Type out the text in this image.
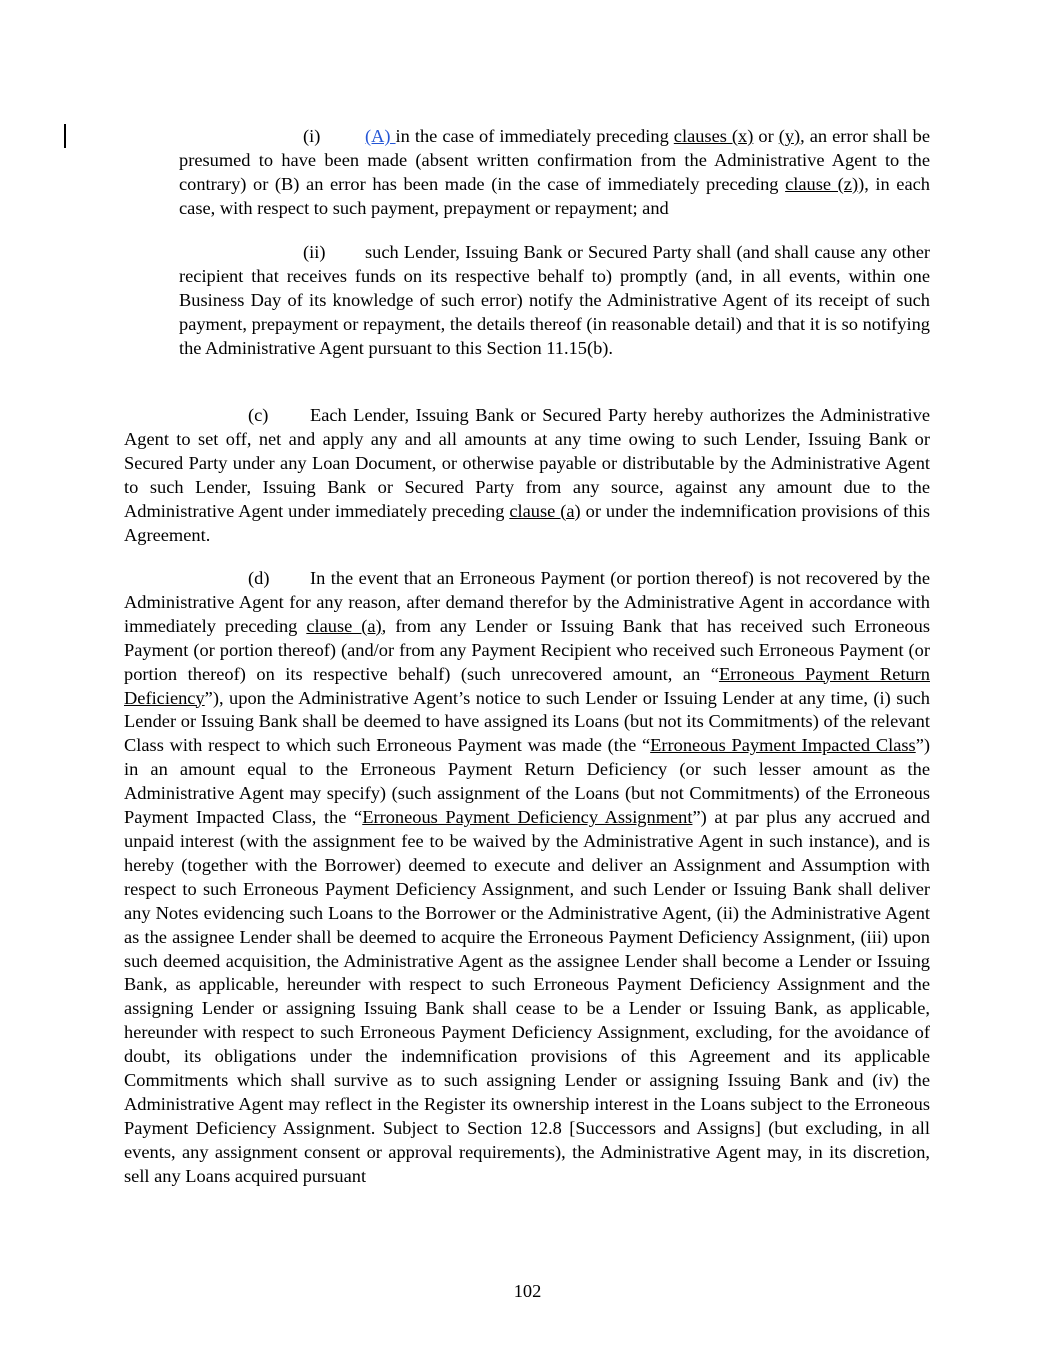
(i) (A) in the case of immediately preceding clauses (x) or (y), an error shall be presumed to have been made (absent written confirmation from the Administrative Agent to the contrary) or (B) an error has been made (in the case of immediately preceding clause (z)), in each case, with respect to such payment, prepayment or repayment; and

(ii) such Lender, Issuing Bank or Secured Party shall (and shall cause any other recipient that receives funds on its respective behalf to) promptly (and, in all events, within one Business Day of its knowledge of such error) notify the Administrative Agent of its receipt of such payment, prepayment or repayment, the details thereof (in reasonable detail) and that it is so notifying the Administrative Agent pursuant to this Section 11.15(b).

(c) Each Lender, Issuing Bank or Secured Party hereby authorizes the Administrative Agent to set off, net and apply any and all amounts at any time owing to such Lender, Issuing Bank or Secured Party under any Loan Document, or otherwise payable or distributable by the Administrative Agent to such Lender, Issuing Bank or Secured Party from any source, against any amount due to the Administrative Agent under immediately preceding clause (a) or under the indemnification provisions of this Agreement.

(d) In the event that an Erroneous Payment (or portion thereof) is not recovered by the Administrative Agent for any reason, after demand therefor by the Administrative Agent in accordance with immediately preceding clause (a), from any Lender or Issuing Bank that has received such Erroneous Payment (or portion thereof) (and/or from any Payment Recipient who received such Erroneous Payment (or portion thereof) on its respective behalf) (such unrecovered amount, an “Erroneous Payment Return Deficiency”), upon the Administrative Agent’s notice to such Lender or Issuing Lender at any time, (i) such Lender or Issuing Bank shall be deemed to have assigned its Loans (but not its Commitments) of the relevant Class with respect to which such Erroneous Payment was made (the “Erroneous Payment Impacted Class”) in an amount equal to the Erroneous Payment Return Deficiency (or such lesser amount as the Administrative Agent may specify) (such assignment of the Loans (but not Commitments) of the Erroneous Payment Impacted Class, the “Erroneous Payment Deficiency Assignment”) at par plus any accrued and unpaid interest (with the assignment fee to be waived by the Administrative Agent in such instance), and is hereby (together with the Borrower) deemed to execute and deliver an Assignment and Assumption with respect to such Erroneous Payment Deficiency Assignment, and such Lender or Issuing Bank shall deliver any Notes evidencing such Loans to the Borrower or the Administrative Agent, (ii) the Administrative Agent as the assignee Lender shall be deemed to acquire the Erroneous Payment Deficiency Assignment, (iii) upon such deemed acquisition, the Administrative Agent as the assignee Lender shall become a Lender or Issuing Bank, as applicable, hereunder with respect to such Erroneous Payment Deficiency Assignment and the assigning Lender or assigning Issuing Bank shall cease to be a Lender or Issuing Bank, as applicable, hereunder with respect to such Erroneous Payment Deficiency Assignment, excluding, for the avoidance of doubt, its obligations under the indemnification provisions of this Agreement and its applicable Commitments which shall survive as to such assigning Lender or assigning Issuing Bank and (iv) the Administrative Agent may reflect in the Register its ownership interest in the Loans subject to the Erroneous Payment Deficiency Assignment. Subject to Section 12.8 [Successors and Assigns] (but excluding, in all events, any assignment consent or approval requirements), the Administrative Agent may, in its discretion, sell any Loans acquired pursuant

102
